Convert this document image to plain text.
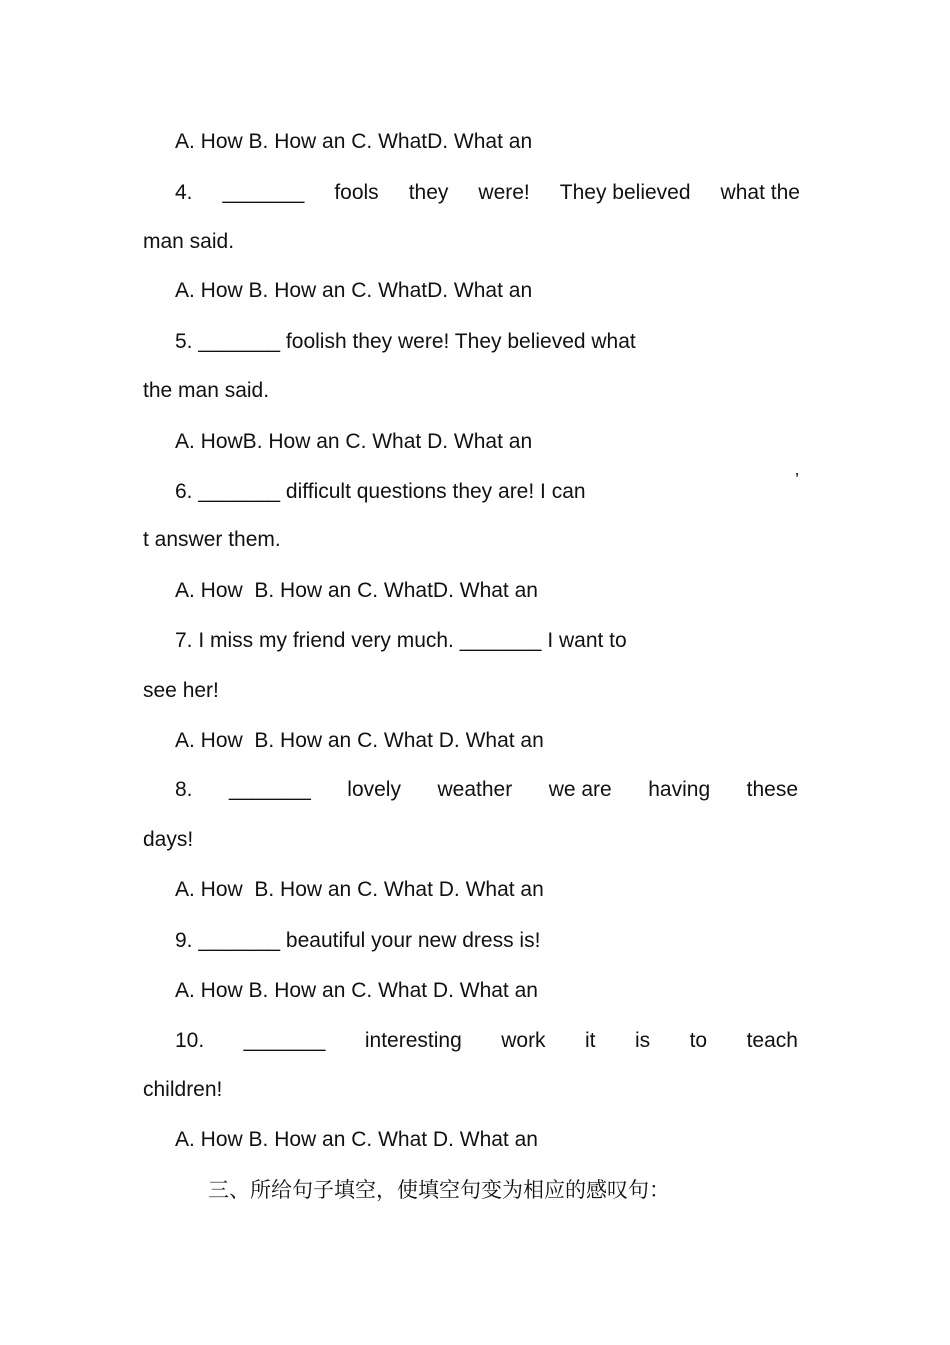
A. How B. How an C. WhatD. What an
4. _______ fools they were! They believed what the
man said.
A. How B. How an C. WhatD. What an
5. _______ foolish they were! They believed what
the man said.
A. HowB. How an C. What D. What an
6. _______ difficult questions they are! I can	’
t answer them.
A. How  B. How an C. WhatD. What an
7. I miss my friend very much. _______ I want to
see her!
A. How  B. How an C. What D. What an
8. _______ lovely weather we are having these
days!
A. How  B. How an C. What D. What an
9. _______ beautiful your new dress is!
A. How B. How an C. What D. What an
10. _______ interesting work it is to teach
children!
A. How B. How an C. What D. What an
三、所给句子填空，使填空句变为相应的感叹句：
